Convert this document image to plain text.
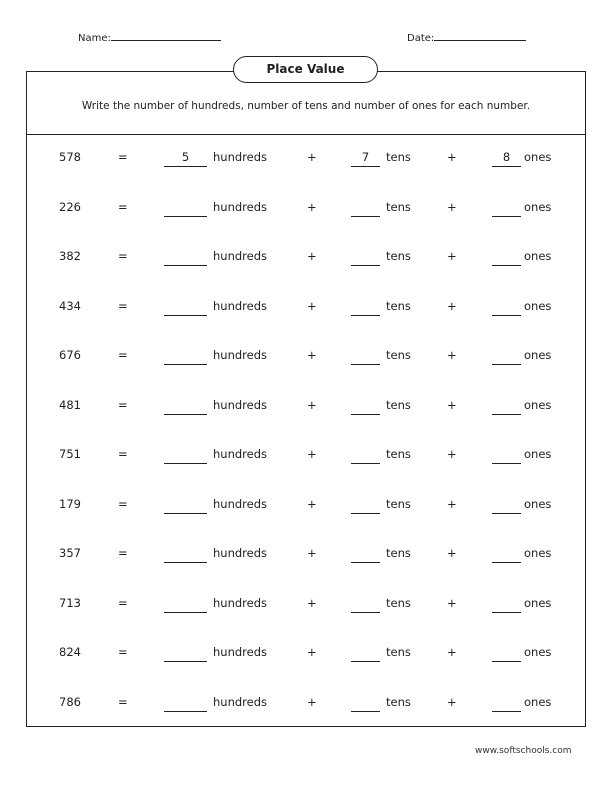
Name:	Date:
Place Value
Write the number of hundreds, number of tens and number of ones for each number.
578	=	5	hundreds	+	7	tens	+	8	ones
226	=	hundreds	+	tens	+	ones
382	=	hundreds	+	tens	+	ones
434	=	hundreds	+	tens	+	ones
676	=	hundreds	+	tens	+	ones
481	=	hundreds	+	tens	+	ones
751	=	hundreds	+	tens	+	ones
179	=	hundreds	+	tens	+	ones
357	=	hundreds	+	tens	+	ones
713	=	hundreds	+	tens	+	ones
824	=	hundreds	+	tens	+	ones
786	=	hundreds	+	tens	+	ones
www.softschools.com
